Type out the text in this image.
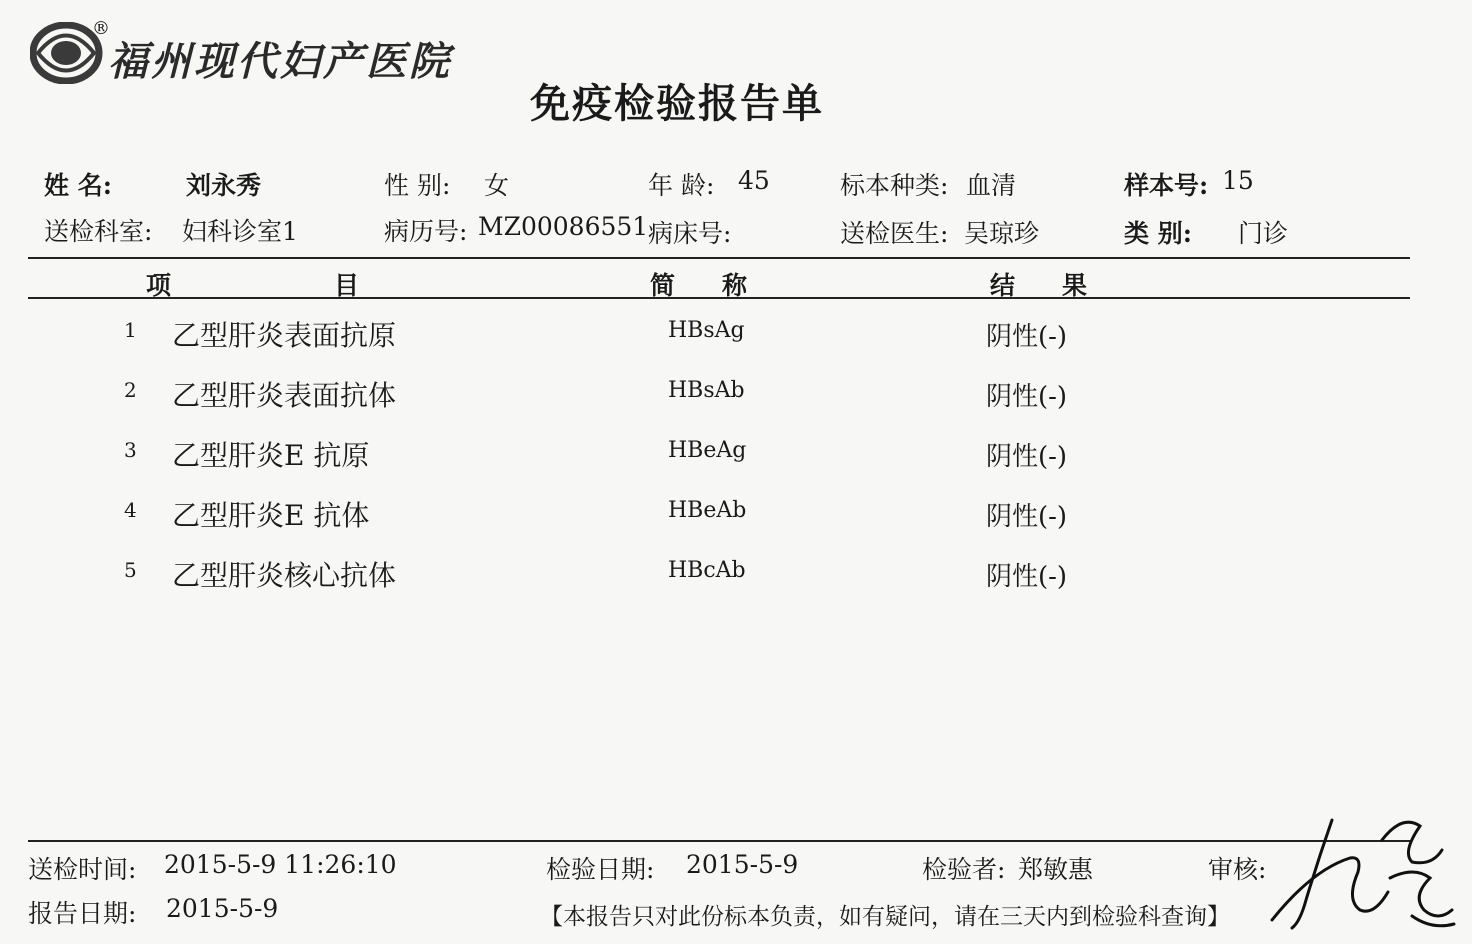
®
福州现代妇产医院
免疫检验报告单
姓 名:	刘永秀	性 别: 女	年 龄: 45	标本种类: 血清	样本号: 15
送检科室: 妇科诊室1	病历号: MZ00086551 病床号:	送检医生: 吴琼珍	类 别: 门诊
项	目	简 称	结 果
1 乙型肝炎表面抗原	HBsAg	阴性(-)
2 乙型肝炎表面抗体	HBsAb	阴性(-)
3 乙型肝炎E 抗原	HBeAg	阴性(-)
4 乙型肝炎E 抗体	HBeAb	阴性(-)
5 乙型肝炎核心抗体	HBcAb	阴性(-)
送检时间: 2015-5-9 11:26:10	检验日期: 2015-5-9	检验者: 郑敏惠	审核:
报告日期: 2015-5-9	【本报告只对此份标本负责，如有疑问，请在三天内到检验科查询】
